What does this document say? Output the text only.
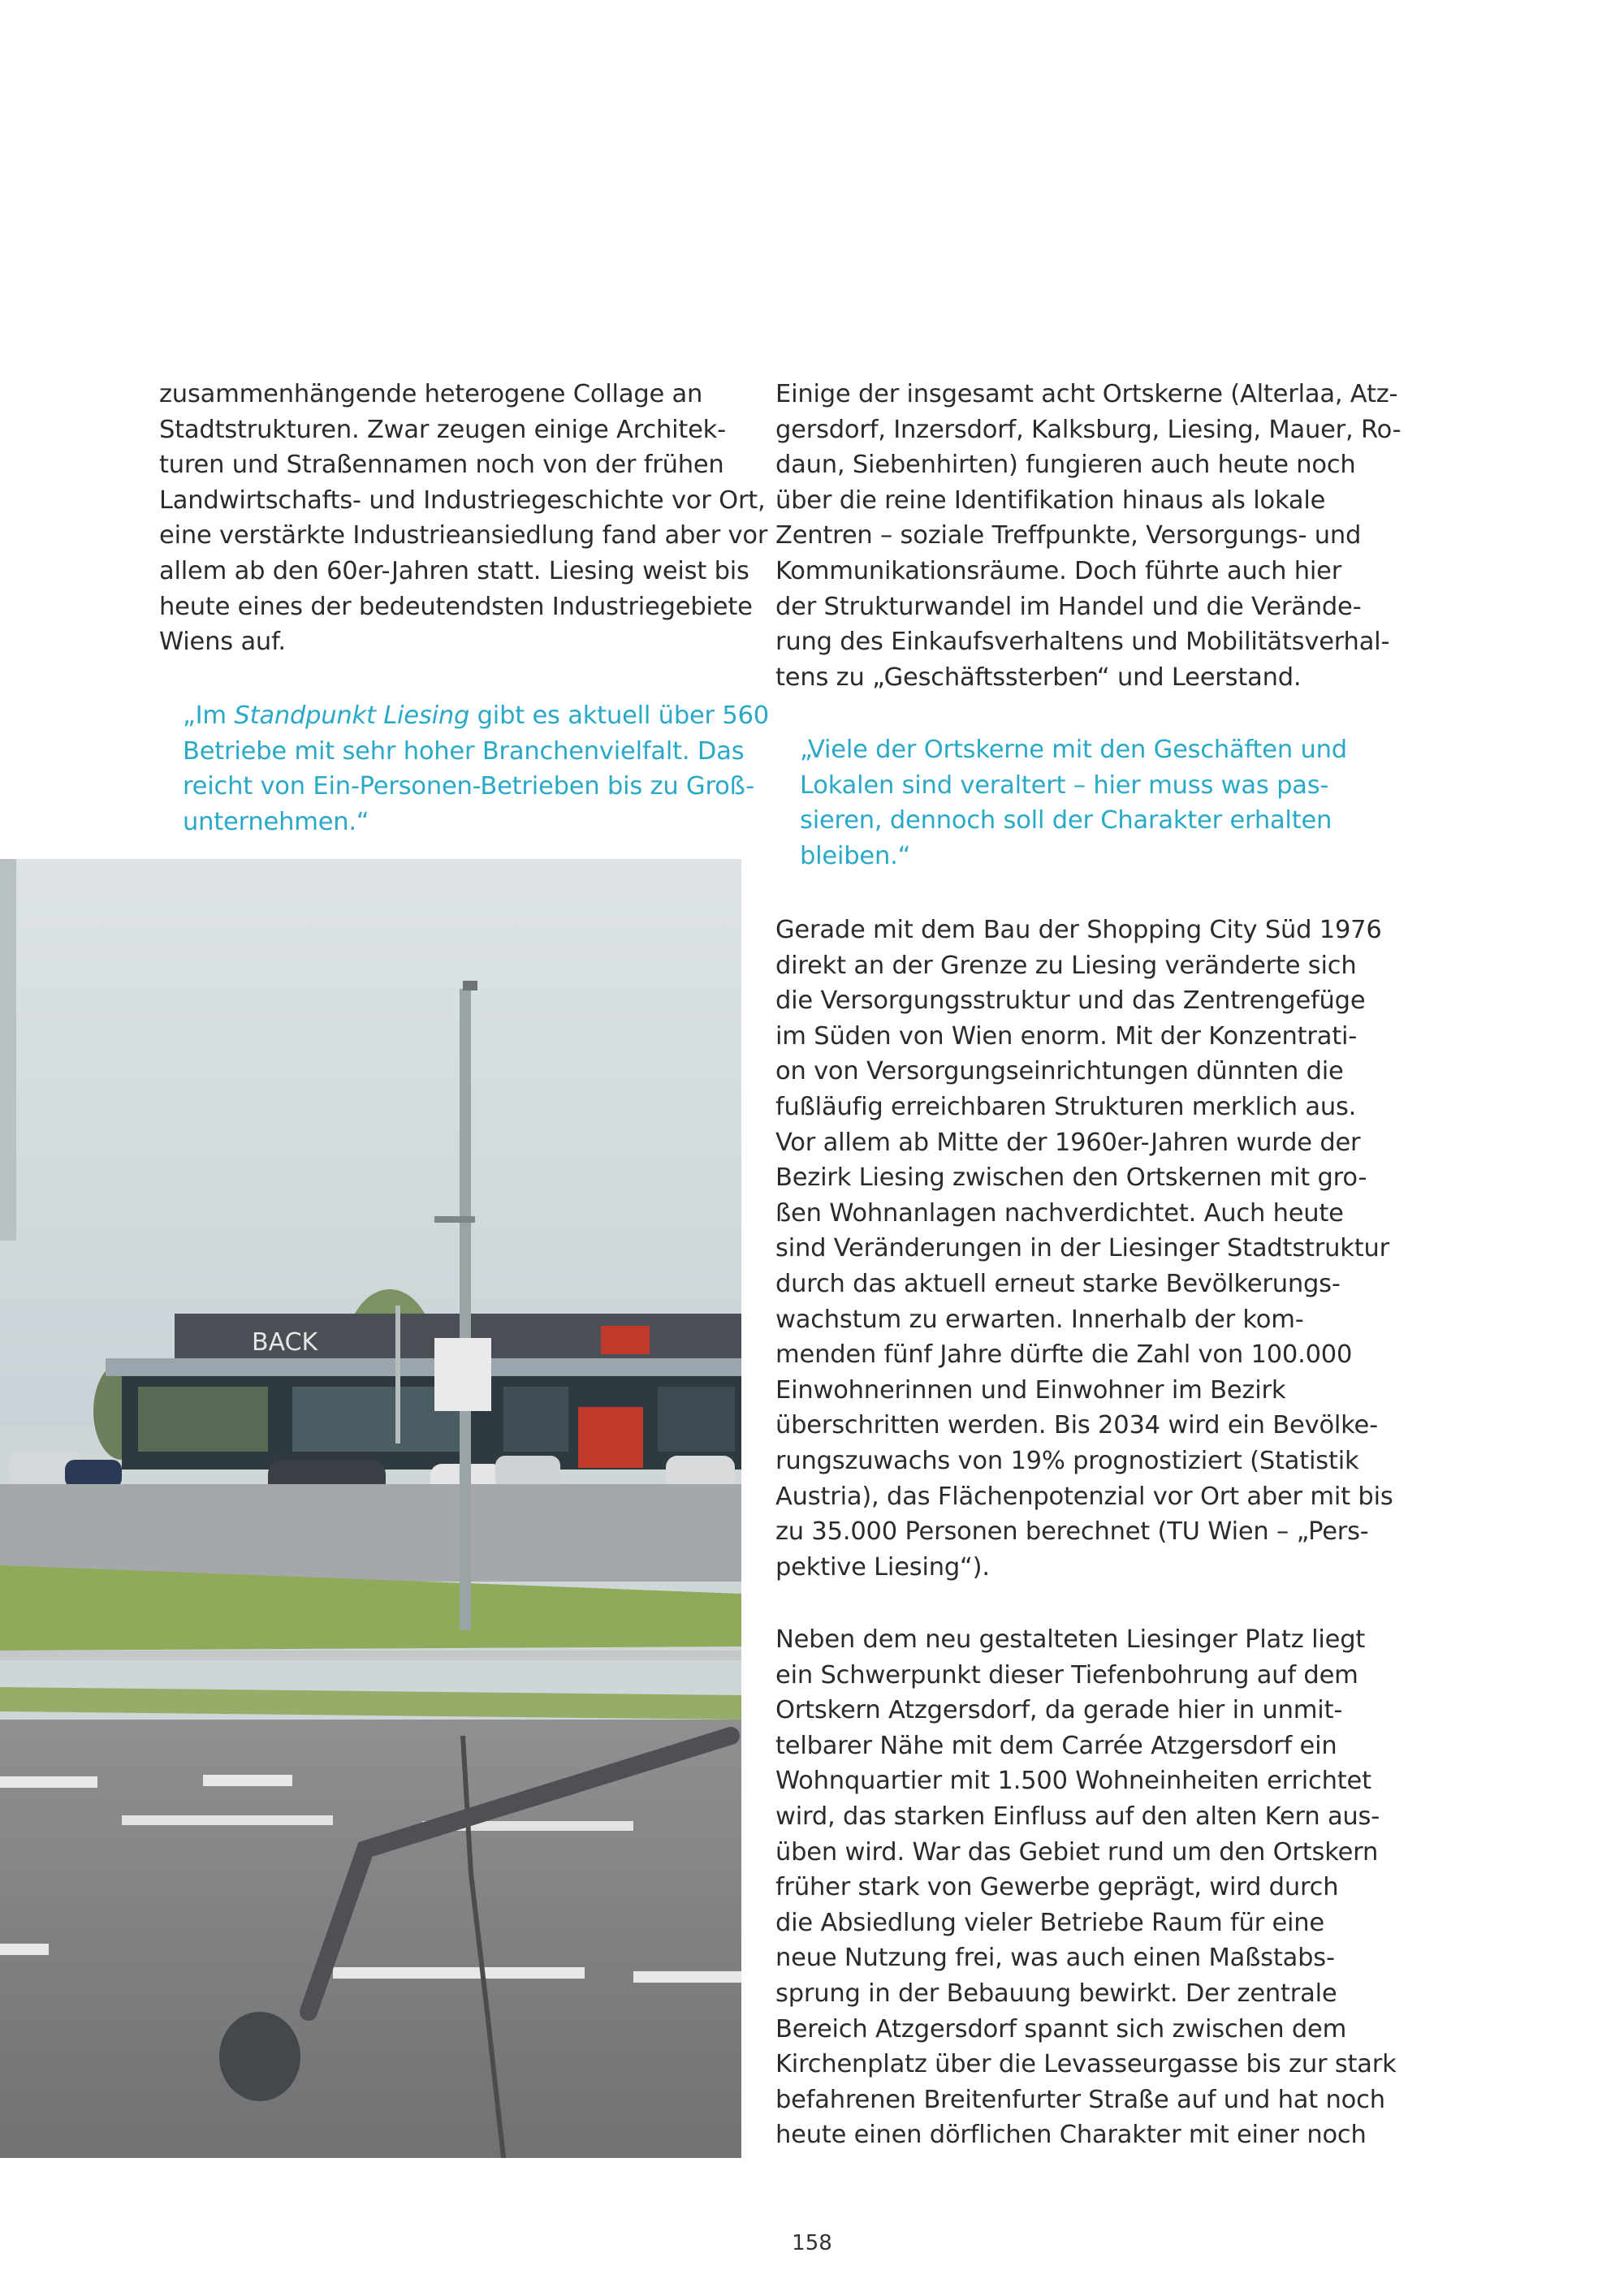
zusammenhängende heterogene Collage an
Stadtstrukturen. Zwar zeugen einige Architek-
turen und Straßennamen noch von der frühen
Landwirtschafts- und Industriegeschichte vor Ort,
eine verstärkte Industrieansiedlung fand aber vor
allem ab den 60er-Jahren statt. Liesing weist bis
heute eines der bedeutendsten Industriegebiete
Wiens auf.

„Im Standpunkt Liesing gibt es aktuell über 560
Betriebe mit sehr hoher Branchenvielfalt. Das
reicht von Ein-Personen-Betrieben bis zu Groß-
unternehmen.“

Einige der insgesamt acht Ortskerne (Alterlaa, Atz-
gersdorf, Inzersdorf, Kalksburg, Liesing, Mauer, Ro-
daun, Siebenhirten) fungieren auch heute noch
über die reine Identifikation hinaus als lokale
Zentren – soziale Treffpunkte, Versorgungs- und
Kommunikationsräume. Doch führte auch hier
der Strukturwandel im Handel und die Verände-
rung des Einkaufsverhaltens und Mobilitätsverhal-
tens zu „Geschäftssterben“ und Leerstand.

„Viele der Ortskerne mit den Geschäften und
Lokalen sind veraltert – hier muss was pas-
sieren, dennoch soll der Charakter erhalten
bleiben.“
Gerade mit dem Bau der Shopping City Süd 1976
direkt an der Grenze zu Liesing veränderte sich
die Versorgungsstruktur und das Zentrengefüge
im Süden von Wien enorm. Mit der Konzentrati-
on von Versorgungseinrichtungen dünnten die
fußläufig erreichbaren Strukturen merklich aus.
Vor allem ab Mitte der 1960er-Jahren wurde der
Bezirk Liesing zwischen den Ortskernen mit gro-
ßen Wohnanlagen nachverdichtet. Auch heute
sind Veränderungen in der Liesinger Stadtstruktur
durch das aktuell erneut starke Bevölkerungs-
wachstum zu erwarten. Innerhalb der kom-
menden fünf Jahre dürfte die Zahl von 100.000
Einwohnerinnen und Einwohner im Bezirk
überschritten werden. Bis 2034 wird ein Bevölke-
rungszuwachs von 19% prognostiziert (Statistik
Austria), das Flächenpotenzial vor Ort aber mit bis
zu 35.000 Personen berechnet (TU Wien – „Pers-
pektive Liesing“).
Neben dem neu gestalteten Liesinger Platz liegt
ein Schwerpunkt dieser Tiefenbohrung auf dem
Ortskern Atzgersdorf, da gerade hier in unmit-
telbarer Nähe mit dem Carrée Atzgersdorf ein
Wohnquartier mit 1.500 Wohneinheiten errichtet
wird, das starken Einfluss auf den alten Kern aus-
üben wird. War das Gebiet rund um den Ortskern
früher stark von Gewerbe geprägt, wird durch
die Absiedlung vieler Betriebe Raum für eine
neue Nutzung frei, was auch einen Maßstabs-
sprung in der Bebauung bewirkt. Der zentrale
Bereich Atzgersdorf spannt sich zwischen dem
Kirchenplatz über die Levasseurgasse bis zur stark
befahrenen Breitenfurter Straße auf und hat noch
heute einen dörflichen Charakter mit einer noch
BACK
158
